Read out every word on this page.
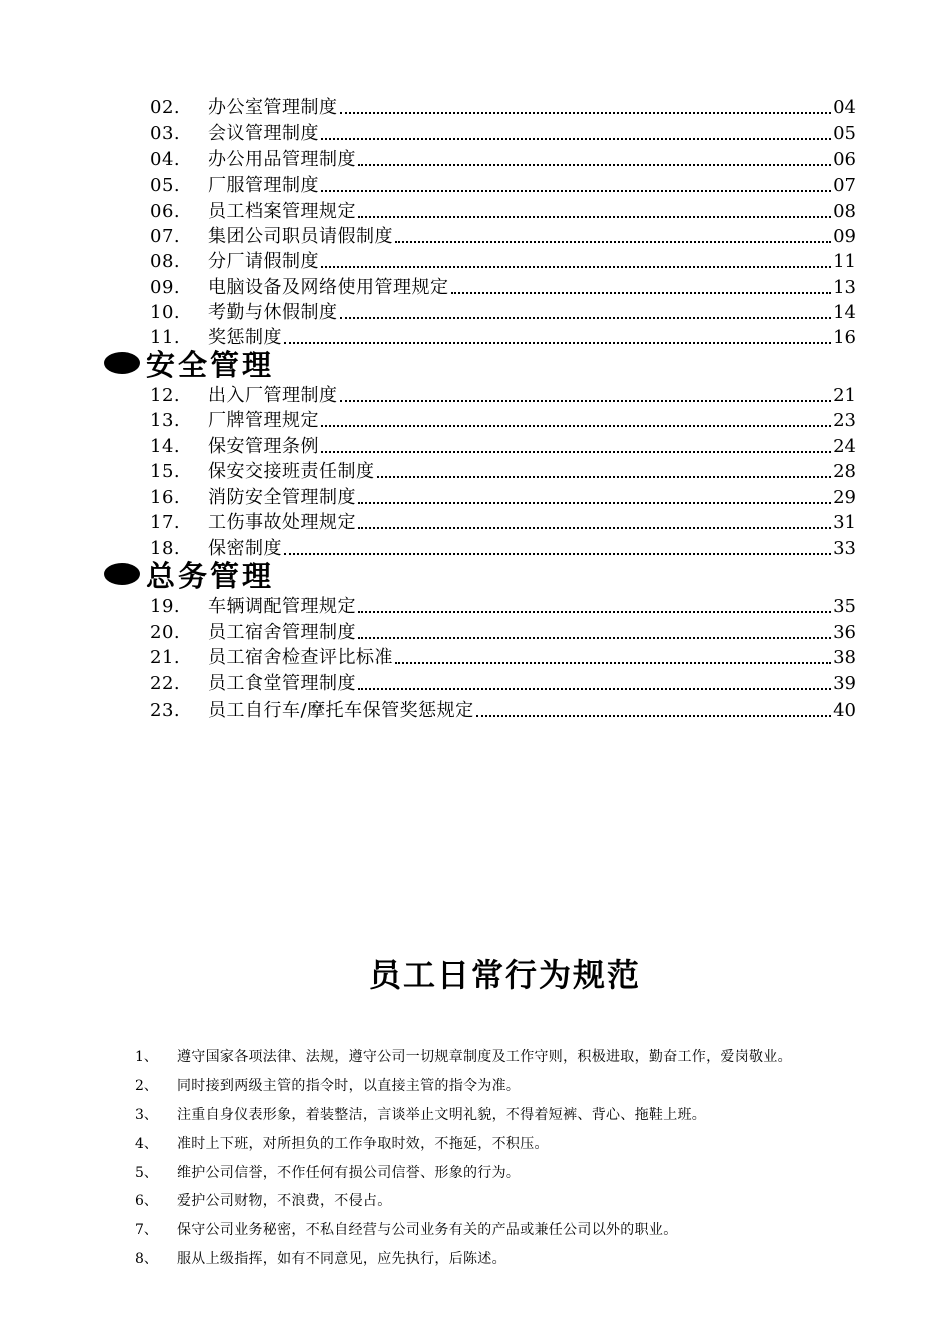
02.	办公室管理制度	04
03.	会议管理制度	05
04.	办公用品管理制度	06
05.	厂服管理制度	07
06.	员工档案管理规定	08
07.	集团公司职员请假制度	09
08.	分厂请假制度	11
09.	电脑设备及网络使用管理规定	13
10.	考勤与休假制度	14
11.	奖惩制度	16
安全管理
12.	出入厂管理制度	21
13.	厂牌管理规定	23
14.	保安管理条例	24
15.	保安交接班责任制度	28
16.	消防安全管理制度	29
17.	工伤事故处理规定	31
18.	保密制度	33
总务管理
19.	车辆调配管理规定	35
20.	员工宿舍管理制度	36
21.	员工宿舍检查评比标准	38
22.	员工食堂管理制度	39
23.	员工自行车/摩托车保管奖惩规定	40
员工日常行为规范
1、	遵守国家各项法律、法规，遵守公司一切规章制度及工作守则，积极进取，勤奋工作，爱岗敬业。
2、	同时接到两级主管的指令时，以直接主管的指令为准。
3、	注重自身仪表形象，着装整洁，言谈举止文明礼貌，不得着短裤、背心、拖鞋上班。
4、	准时上下班，对所担负的工作争取时效，不拖延，不积压。
5、	维护公司信誉，不作任何有损公司信誉、形象的行为。
6、	爱护公司财物，不浪费，不侵占。
7、	保守公司业务秘密，不私自经营与公司业务有关的产品或兼任公司以外的职业。
8、	服从上级指挥，如有不同意见，应先执行，后陈述。
